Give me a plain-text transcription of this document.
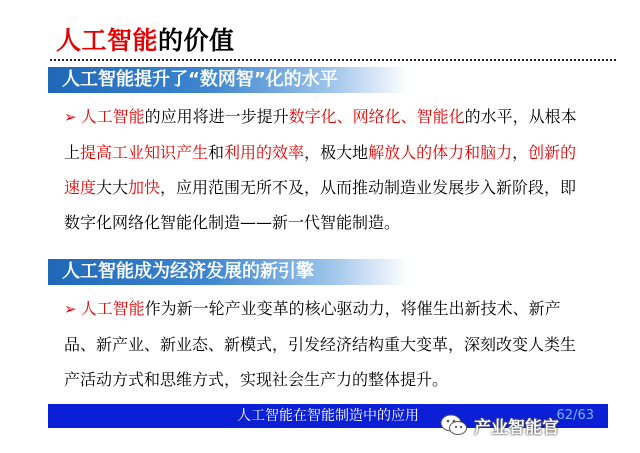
人工智能的价值
人工智能提升了“数网智”化的水平

➢ 人工智能的应用将进一步提升数字化、网络化、智能化的水平，从根本上提高工业知识产生和利用的效率，极大地解放人的体力和脑力，创新的速度大大加快，应用范围无所不及，从而推动制造业发展步入新阶段，即数字化网络化智能化制造——新一代智能制造。

人工智能成为经济发展的新引擎

➢ 人工智能作为新一轮产业变革的核心驱动力，将催生出新技术、新产品、新产业、新业态、新模式，引发经济结构重大变革，深刻改变人类生产活动方式和思维方式，实现社会生产力的整体提升。

人工智能在智能制造中的应用	62/63
产业智能官
